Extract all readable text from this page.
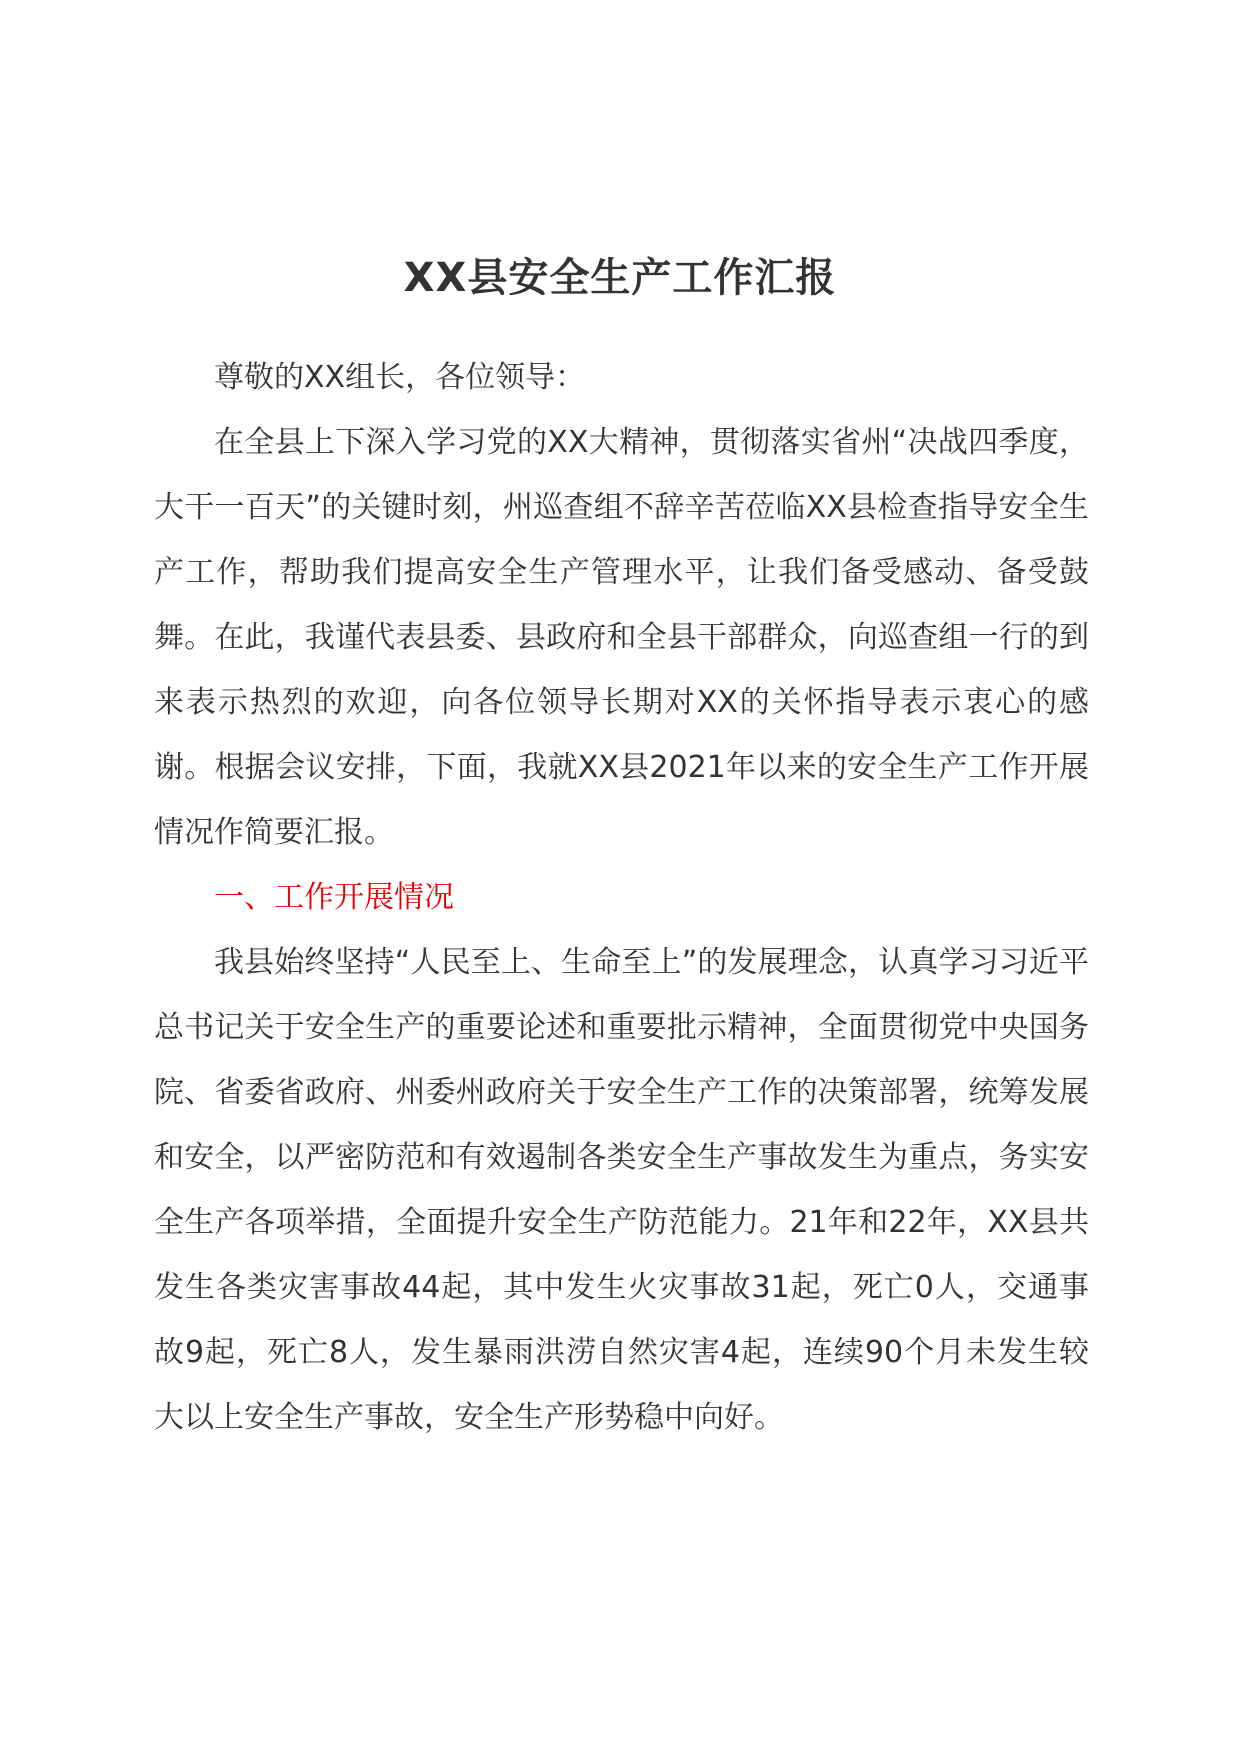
XX县安全生产工作汇报

尊敬的XX组长，各位领导：

在全县上下深入学习党的XX大精神，贯彻落实省州“决战四季度，大干一百天”的关键时刻，州巡查组不辞辛苦莅临XX县检查指导安全生产工作，帮助我们提高安全生产管理水平，让我们备受感动、备受鼓舞。在此，我谨代表县委、县政府和全县干部群众，向巡查组一行的到来表示热烈的欢迎，向各位领导长期对XX的关怀指导表示衷心的感谢。根据会议安排，下面，我就XX县2021年以来的安全生产工作开展情况作简要汇报。

一、工作开展情况

我县始终坚持“人民至上、生命至上”的发展理念，认真学习习近平总书记关于安全生产的重要论述和重要批示精神，全面贯彻党中央国务院、省委省政府、州委州政府关于安全生产工作的决策部署，统筹发展和安全，以严密防范和有效遏制各类安全生产事故发生为重点，务实安全生产各项举措，全面提升安全生产防范能力。21年和22年，XX县共发生各类灾害事故44起，其中发生火灾事故31起，死亡0人，交通事故9起，死亡8人，发生暴雨洪涝自然灾害4起，连续90个月未发生较大以上安全生产事故，安全生产形势稳中向好。
